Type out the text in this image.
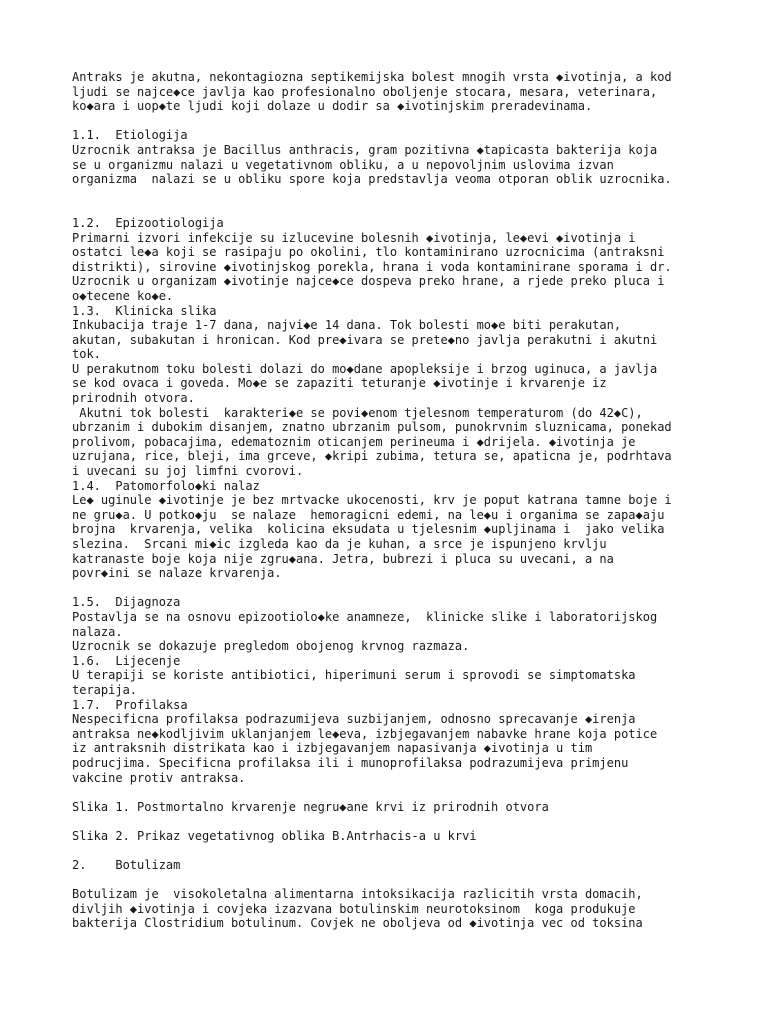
Antraks je akutna, nekontagiozna septikemijska bolest mnogih vrsta ◆ivotinja, a kod
ljudi se najce◆ce javlja kao profesionalno oboljenje stocara, mesara, veterinara,
ko◆ara i uop◆te ljudi koji dolaze u dodir sa ◆ivotinjskim preradevinama.
1.1.  Etiologija
Uzrocnik antraksa je Bacillus anthracis, gram pozitivna ◆tapicasta bakterija koja
se u organizmu nalazi u vegetativnom obliku, a u nepovoljnim uslovima izvan
organizma  nalazi se u obliku spore koja predstavlja veoma otporan oblik uzrocnika.
1.2.  Epizootiologija
Primarni izvori infekcije su izlucevine bolesnih ◆ivotinja, le◆evi ◆ivotinja i
ostatci le◆a koji se rasipaju po okolini, tlo kontaminirano uzrocnicima (antraksni
distrikti), sirovine ◆ivotinjskog porekla, hrana i voda kontaminirane sporama i dr.
Uzrocnik u organizam ◆ivotinje najce◆ce dospeva preko hrane, a rjede preko pluca i
o◆tecene ko◆e.
1.3.  Klinicka slika
Inkubacija traje 1-7 dana, najvi◆e 14 dana. Tok bolesti mo◆e biti perakutan,
akutan, subakutan i hronican. Kod pre◆ivara se prete◆no javlja perakutni i akutni
tok.
U perakutnom toku bolesti dolazi do mo◆dane apopleksije i brzog uginuca, a javlja
se kod ovaca i goveda. Mo◆e se zapaziti teturanje ◆ivotinje i krvarenje iz
prirodnih otvora.
Akutni tok bolesti  karakteri◆e se povi◆enom tjelesnom temperaturom (do 42◆C),
ubrzanim i dubokim disanjem, znatno ubrzanim pulsom, punokrvnim sluznicama, ponekad
prolivom, pobacajima, edematoznim oticanjem perineuma i ◆drijela. ◆ivotinja je
uzrujana, rice, bleji, ima grceve, ◆kripi zubima, tetura se, apaticna je, podrhtava
i uvecani su joj limfni cvorovi.
1.4.  Patomorfolo◆ki nalaz
Le◆ uginule ◆ivotinje je bez mrtvacke ukocenosti, krv je poput katrana tamne boje i
ne gru◆a. U potko◆ju  se nalaze  hemoragicni edemi, na le◆u i organima se zapa◆aju
brojna  krvarenja, velika  kolicina eksudata u tjelesnim ◆upljinama i  jako velika
slezina.  Srcani mi◆ic izgleda kao da je kuhan, a srce je ispunjeno krvlju
katranaste boje koja nije zgru◆ana. Jetra, bubrezi i pluca su uvecani, a na
povr◆ini se nalaze krvarenja.
1.5.  Dijagnoza
Postavlja se na osnovu epizootiolo◆ke anamneze,  klinicke slike i laboratorijskog
nalaza.
Uzrocnik se dokazuje pregledom obojenog krvnog razmaza.
1.6.  Lijecenje
U terapiji se koriste antibiotici, hiperimuni serum i sprovodi se simptomatska
terapija.
1.7.  Profilaksa
Nespecificna profilaksa podrazumijeva suzbijanjem, odnosno sprecavanje ◆irenja
antraksa ne◆kodljivim uklanjanjem le◆eva, izbjegavanjem nabavke hrane koja potice
iz antraksnih distrikata kao i izbjegavanjem napasivanja ◆ivotinja u tim
podrucjima. Specificna profilaksa ili i munoprofilaksa podrazumijeva primjenu
vakcine protiv antraksa.
Slika 1. Postmortalno krvarenje negru◆ane krvi iz prirodnih otvora
Slika 2. Prikaz vegetativnog oblika B.Antrhacis-a u krvi
2.    Botulizam
Botulizam je  visokoletalna alimentarna intoksikacija razlicitih vrsta domacih,
divljih ◆ivotinja i covjeka izazvana botulinskim neurotoksinom  koga produkuje
bakterija Clostridium botulinum. Covjek ne oboljeva od ◆ivotinja vec od toksina
